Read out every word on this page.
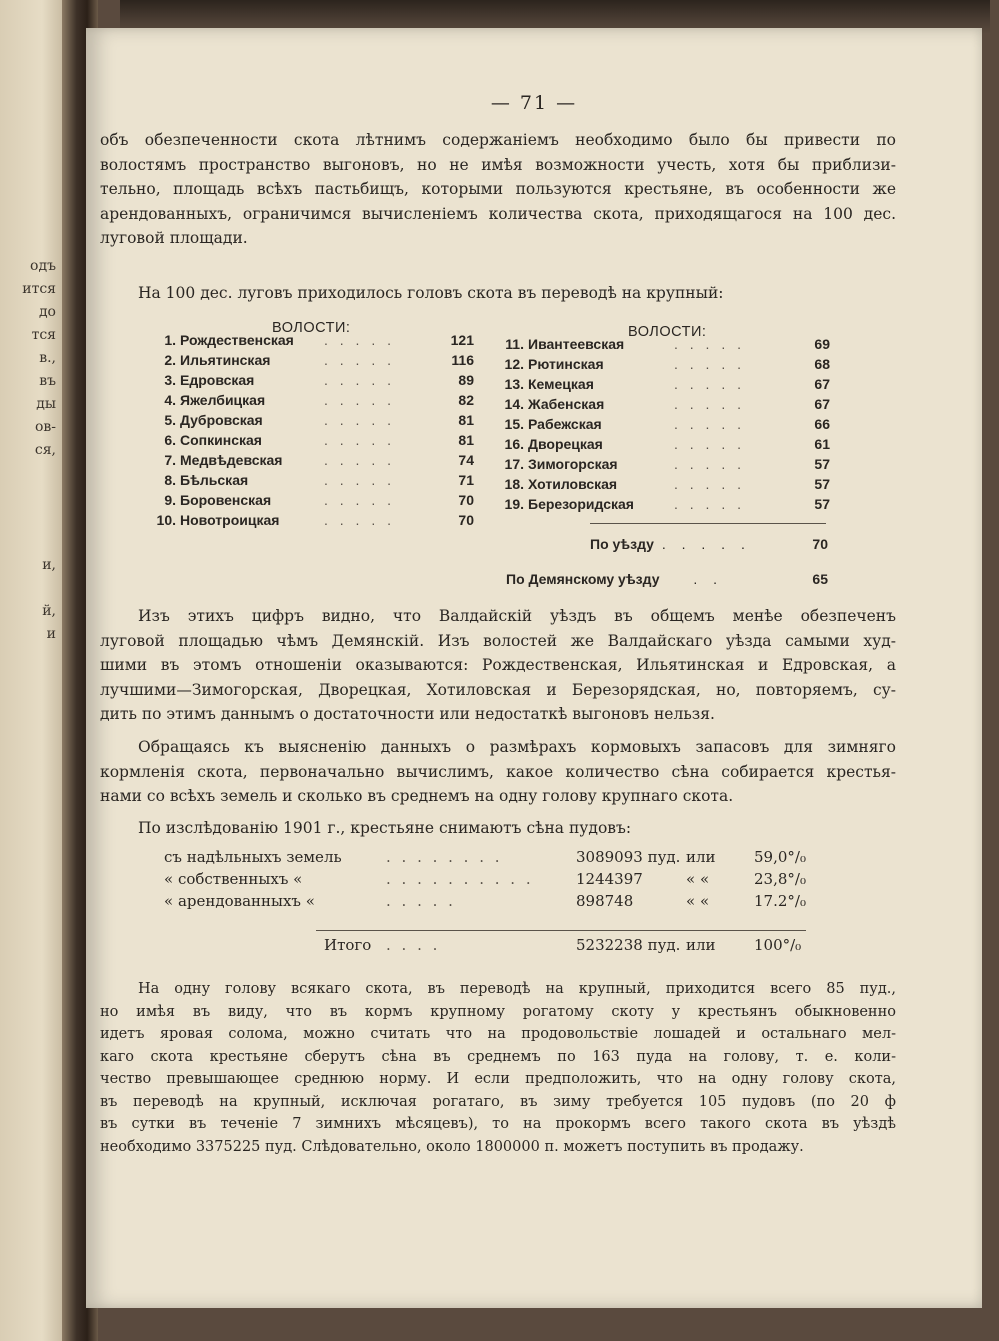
одъ
ится
до
тся
в.,
въ
ды
ов-
ся,
и,
й,
и
— 71 —
объ обезпеченности скота лѣтнимъ содержанiемъ необходимо было бы привести по
волостямъ пространство выгоновъ, но не имѣя возможности учесть, хотя бы приблизи-
тельно, площадь всѣхъ пастьбищъ, которыми пользуются крестьяне, въ особенности же
арендованныхъ, ограничимся вычисленiемъ количества скота, приходящагося на 100 дес.
луговой площади.
На 100 дес. луговъ приходилось головъ скота въ переводѣ на крупный:
ВОЛОСТИ:	ВОЛОСТИ:
1. Рождественская . . . . .	121
2. Ильятинская	. . . . .	116
3. Едровская	. . . . .	89
4. Яжелбицкая	. . . . .	82
5. Дубровская	. . . . .	81
6. Сопкинская	. . . . .	81
7. Медвѣдевская	. . . . .	74
8. Бѣльская	. . . . .	71
9. Боровенская	. . . . .	70
10. Новотроицкая	. . . . .	70
11. Ивантеевская	. . . . .	69
12. Рютинская	. . . . .	68
13. Кемецкая	. . . . .	67
14. Жабенская	. . . . .	67
15. Рабежская	. . . . .	66
16. Дворецкая	. . . . .	61
17. Зимогорская	. . . . .	57
18. Хотиловская	. . . . .	57
19. Березоридская	. . . . .	57
По уѣзду . . . . .	70
По Демянскому уѣзду . .	65
Изъ этихъ цифръ видно, что Валдайскiй уѣздъ въ общемъ менѣе обезпеченъ
луговой площадью чѣмъ Демянскiй. Изъ волостей же Валдайскаго уѣзда самыми худ-
шими въ этомъ отношенiи оказываются: Рождественская, Ильятинская и Едровская, а
лучшими—Зимогорская, Дворецкая, Хотиловская и Березорядская, но, повторяемъ, су-
дить по этимъ даннымъ о достаточности или недостаткѣ выгоновъ нельзя.
Обращаясь къ выясненiю данныхъ о размѣрахъ кормовыхъ запасовъ для зимняго
кормленiя скота, первоначально вычислимъ, какое количество сѣна собирается крестья-
нами со всѣхъ земель и сколько въ среднемъ на одну голову крупнаго скота.
По изслѣдованiю 1901 г., крестьяне снимаютъ сѣна пудовъ:
съ надѣльныхъ земель	. . . . . . . .	3089093 пуд. или	59,0°/₀
« собственныхъ «	. . . . . . . . . .	1244397	« «	23,8°/₀
« арендованныхъ «	. . . . .	898748	« «	17.2°/₀
Итого . . . .	5232238 пуд. или	100°/₀
На одну голову всякаго скота, въ переводѣ на крупный, приходится всего 85 пуд.,
но имѣя въ виду, что въ кормъ крупному рогатому скоту у крестьянъ обыкновенно
идетъ яровая солома, можно считать что на продовольствiе лошадей и остальнаго мел-
каго скота крестьяне сберутъ сѣна въ среднемъ по 163 пуда на голову, т. е. коли-
чество превышающее среднюю норму. И если предположить, что на одну голову скота,
въ переводѣ на крупный, исключая рогатаго, въ зиму требуется 105 пудовъ (по 20 ф
въ сутки въ теченiе 7 зимнихъ мѣсяцевъ), то на прокормъ всего такого скота въ уѣздѣ
необходимо 3375225 пуд. Слѣдовательно, около 1800000 п. можетъ поступить въ продажу.
